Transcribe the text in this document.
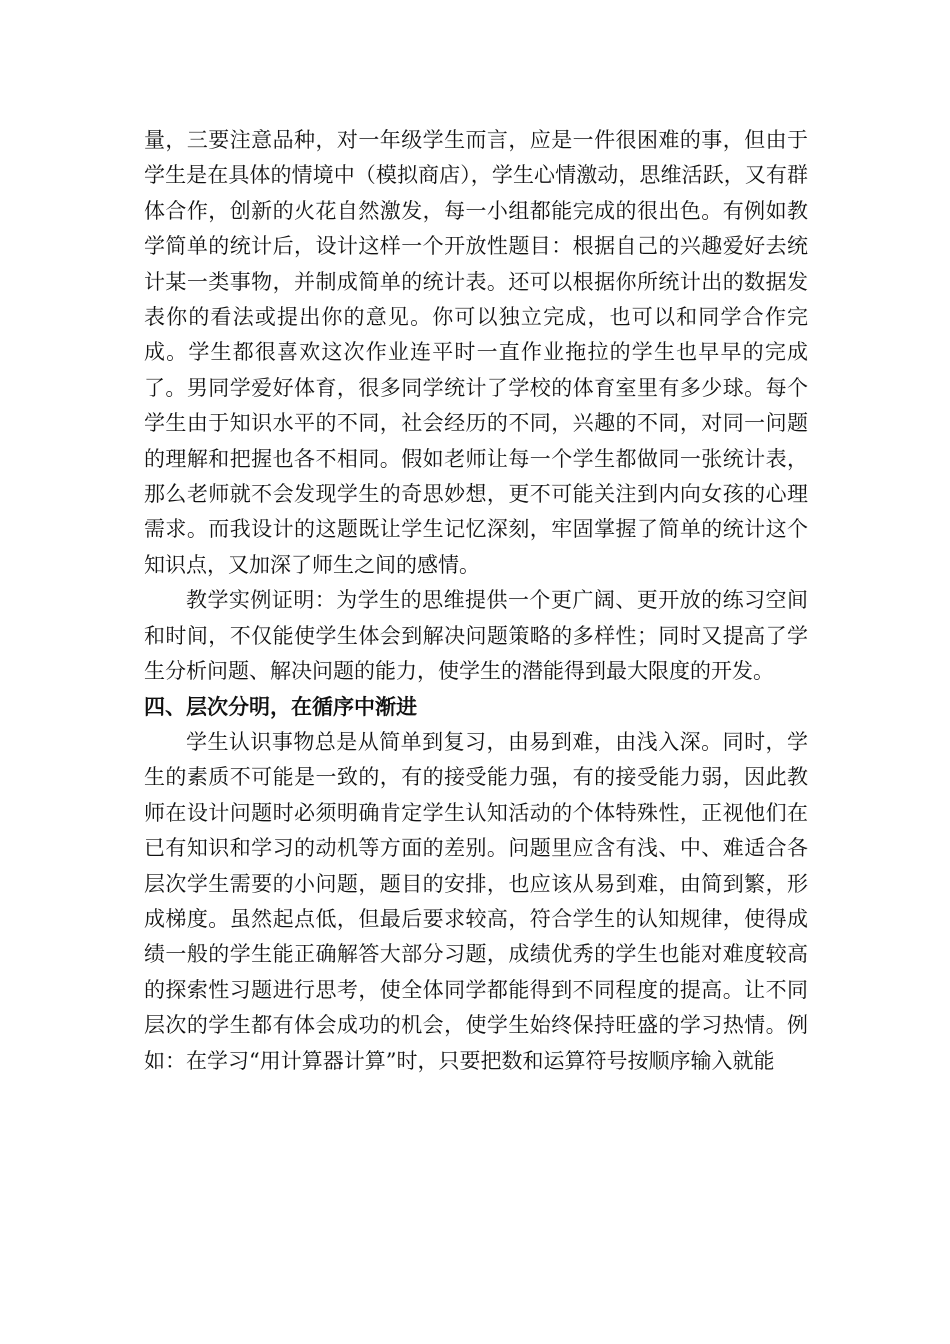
量，三要注意品种，对一年级学生而言，应是一件很困难的事，但由于学生是在具体的情境中（模拟商店），学生心情激动，思维活跃，又有群体合作，创新的火花自然激发，每一小组都能完成的很出色。有例如教学简单的统计后，设计这样一个开放性题目：根据自己的兴趣爱好去统计某一类事物，并制成简单的统计表。还可以根据你所统计出的数据发表你的看法或提出你的意见。你可以独立完成，也可以和同学合作完成。学生都很喜欢这次作业连平时一直作业拖拉的学生也早早的完成了。男同学爱好体育，很多同学统计了学校的体育室里有多少球。每个学生由于知识水平的不同，社会经历的不同，兴趣的不同，对同一问题的理解和把握也各不相同。假如老师让每一个学生都做同一张统计表，那么老师就不会发现学生的奇思妙想，更不可能关注到内向女孩的心理需求。而我设计的这题既让学生记忆深刻，牢固掌握了简单的统计这个知识点，又加深了师生之间的感情。

教学实例证明：为学生的思维提供一个更广阔、更开放的练习空间和时间，不仅能使学生体会到解决问题策略的多样性；同时又提高了学生分析问题、解决问题的能力，使学生的潜能得到最大限度的开发。

四、层次分明，在循序中渐进

学生认识事物总是从简单到复习，由易到难，由浅入深。同时，学生的素质不可能是一致的，有的接受能力强，有的接受能力弱，因此教师在设计问题时必须明确肯定学生认知活动的个体特殊性，正视他们在已有知识和学习的动机等方面的差别。问题里应含有浅、中、难适合各层次学生需要的小问题，题目的安排，也应该从易到难，由简到繁，形成梯度。虽然起点低，但最后要求较高，符合学生的认知规律，使得成绩一般的学生能正确解答大部分习题，成绩优秀的学生也能对难度较高的探索性习题进行思考，使全体同学都能得到不同程度的提高。让不同层次的学生都有体会成功的机会，使学生始终保持旺盛的学习热情。例如：在学习“用计算器计算”时，只要把数和运算符号按顺序输入就能
